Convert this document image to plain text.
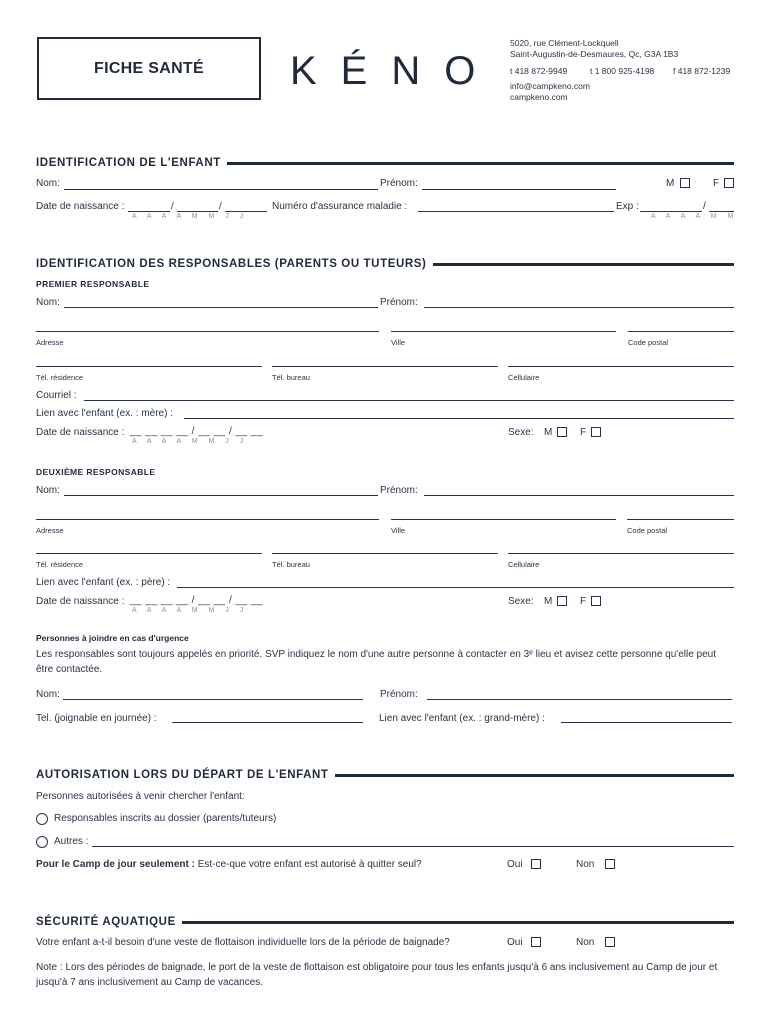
FICHE SANTÉ KÉNO
5020, rue Clément-Lockquell
Saint-Augustin-de-Desmaures, Qc, G3A 1B3
t 418 872-9949	t 1 800 925-4198 f 418 872-1239
info@campkeno.com
campkeno.com
IDENTIFICATION DE L'ENFANT
Nom:	Prénom:	M	F
Date de naissance :	/	/
A A A A M M J J
Numéro d'assurance maladie :	Exp :	/
A A A A M M
IDENTIFICATION DES RESPONSABLES (PARENTS OU TUTEURS)
PREMIER RESPONSABLE
Nom:	Prénom:
Adresse	Ville	Code postal
Tél. résidence	Tél. bureau	Cellulaire
Courriel :
Lien avec l'enfant (ex. : mère) :
Date de naissance : __ __ __ __ / __ __ / __ __
A A A A M M J J
Sexe: M	F
DEUXIÈME RESPONSABLE
Nom:	Prénom:
Adresse	Ville	Code postal
Tél. résidence	Tél. bureau	Cellulaire
Lien avec l'enfant (ex. : père) :
Date de naissance : __ __ __ __ / __ __ / __ __
A A A A M M J J
Sexe: M	F
Personnes à joindre en cas d'urgence
Les responsables sont toujours appelés en priorité. SVP indiquez le nom d'une autre personne à contacter en 3ᵉ lieu et avisez cette personne qu'elle peut être contactée.
Nom:	Prénom:
Tel. (joignable en journée) :	Lien avec l'enfant (ex. : grand-mère) :
AUTORISATION LORS DU DÉPART DE L'ENFANT
Personnes autorisées à venir chercher l'enfant:
Responsables inscrits au dossier (parents/tuteurs)
Autres :
Pour le Camp de jour seulement : Est-ce-que votre enfant est autorisé à quitter seul?	Oui	Non
SÉCURITÉ AQUATIQUE
Votre enfant a-t-il besoin d'une veste de flottaison individuelle lors de la période de baignade?	Oui	Non
Note : Lors des périodes de baignade, le port de la veste de flottaison est obligatoire pour tous les enfants jusqu'à 6 ans inclusivement au Camp de jour et jusqu'à 7 ans inclusivement au Camp de vacances.
